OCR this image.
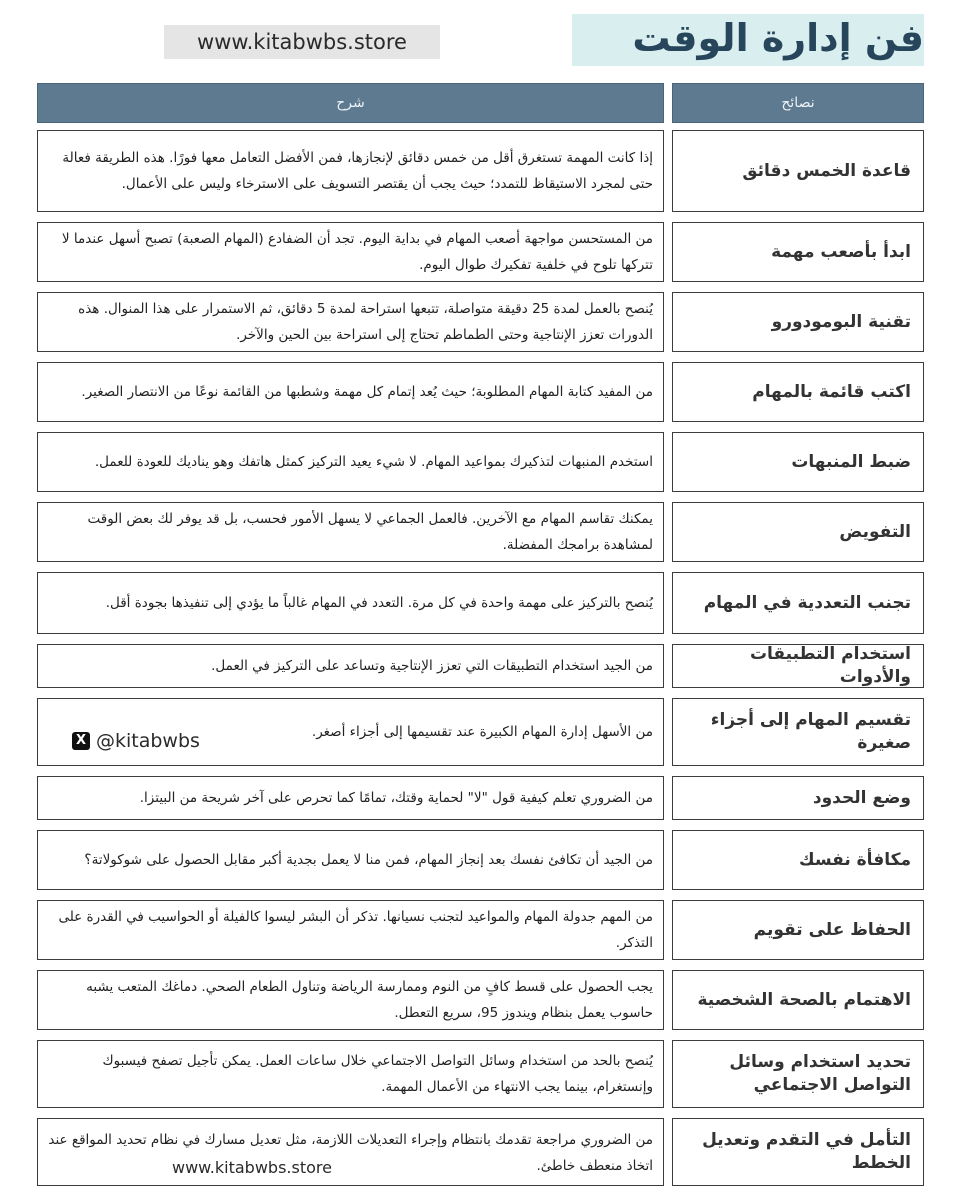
فن إدارة الوقت
www.kitabwbs.store
نصائح
شرح
قاعدة الخمس دقائق
إذا كانت المهمة تستغرق أقل من خمس دقائق لإنجازها، فمن الأفضل التعامل معها فورًا. هذه الطريقة فعالة حتى لمجرد الاستيقاظ للتمدد؛ حيث يجب أن يقتصر التسويف على الاسترخاء وليس على الأعمال.
ابدأ بأصعب مهمة
من المستحسن مواجهة أصعب المهام في بداية اليوم. تجد أن الضفادع (المهام الصعبة) تصبح أسهل عندما لا تتركها تلوح في خلفية تفكيرك طوال اليوم.
تقنية البومودورو
يُنصح بالعمل لمدة 25 دقيقة متواصلة، تتبعها استراحة لمدة 5 دقائق، ثم الاستمرار على هذا المنوال. هذه الدورات تعزز الإنتاجية وحتى الطماطم تحتاج إلى استراحة بين الحين والآخر.
اكتب قائمة بالمهام
من المفيد كتابة المهام المطلوبة؛ حيث يُعد إتمام كل مهمة وشطبها من القائمة نوعًا من الانتصار الصغير.
ضبط المنبهات
استخدم المنبهات لتذكيرك بمواعيد المهام. لا شيء يعيد التركيز كمثل هاتفك وهو يناديك للعودة للعمل.
التفويض
يمكنك تقاسم المهام مع الآخرين. فالعمل الجماعي لا يسهل الأمور فحسب، بل قد يوفر لك بعض الوقت لمشاهدة برامجك المفضلة.
تجنب التعددية في المهام
يُنصح بالتركيز على مهمة واحدة في كل مرة. التعدد في المهام غالباً ما يؤدي إلى تنفيذها بجودة أقل.
استخدام التطبيقات والأدوات
من الجيد استخدام التطبيقات التي تعزز الإنتاجية وتساعد على التركيز في العمل.
تقسيم المهام إلى أجزاء صغيرة
من الأسهل إدارة المهام الكبيرة عند تقسيمها إلى أجزاء أصغر.
وضع الحدود
من الضروري تعلم كيفية قول "لا" لحماية وقتك، تمامًا كما تحرص على آخر شريحة من البيتزا.
مكافأة نفسك
من الجيد أن تكافئ نفسك بعد إنجاز المهام، فمن منا لا يعمل بجدية أكبر مقابل الحصول على شوكولاتة؟
الحفاظ على تقويم
من المهم جدولة المهام والمواعيد لتجنب نسيانها. تذكر أن البشر ليسوا كالفيلة أو الحواسيب في القدرة على التذكر.
الاهتمام بالصحة الشخصية
يجب الحصول على قسط كافٍ من النوم وممارسة الرياضة وتناول الطعام الصحي. دماغك المتعب يشبه حاسوب يعمل بنظام ويندوز 95، سريع التعطل.
تحديد استخدام وسائل التواصل الاجتماعي
يُنصح بالحد من استخدام وسائل التواصل الاجتماعي خلال ساعات العمل. يمكن تأجيل تصفح فيسبوك وإنستغرام، بينما يجب الانتهاء من الأعمال المهمة.
التأمل في التقدم وتعديل الخطط
من الضروري مراجعة تقدمك بانتظام وإجراء التعديلات اللازمة، مثل تعديل مسارك في نظام تحديد المواقع عند اتخاذ منعطف خاطئ.
X @kitabwbs
www.kitabwbs.store
